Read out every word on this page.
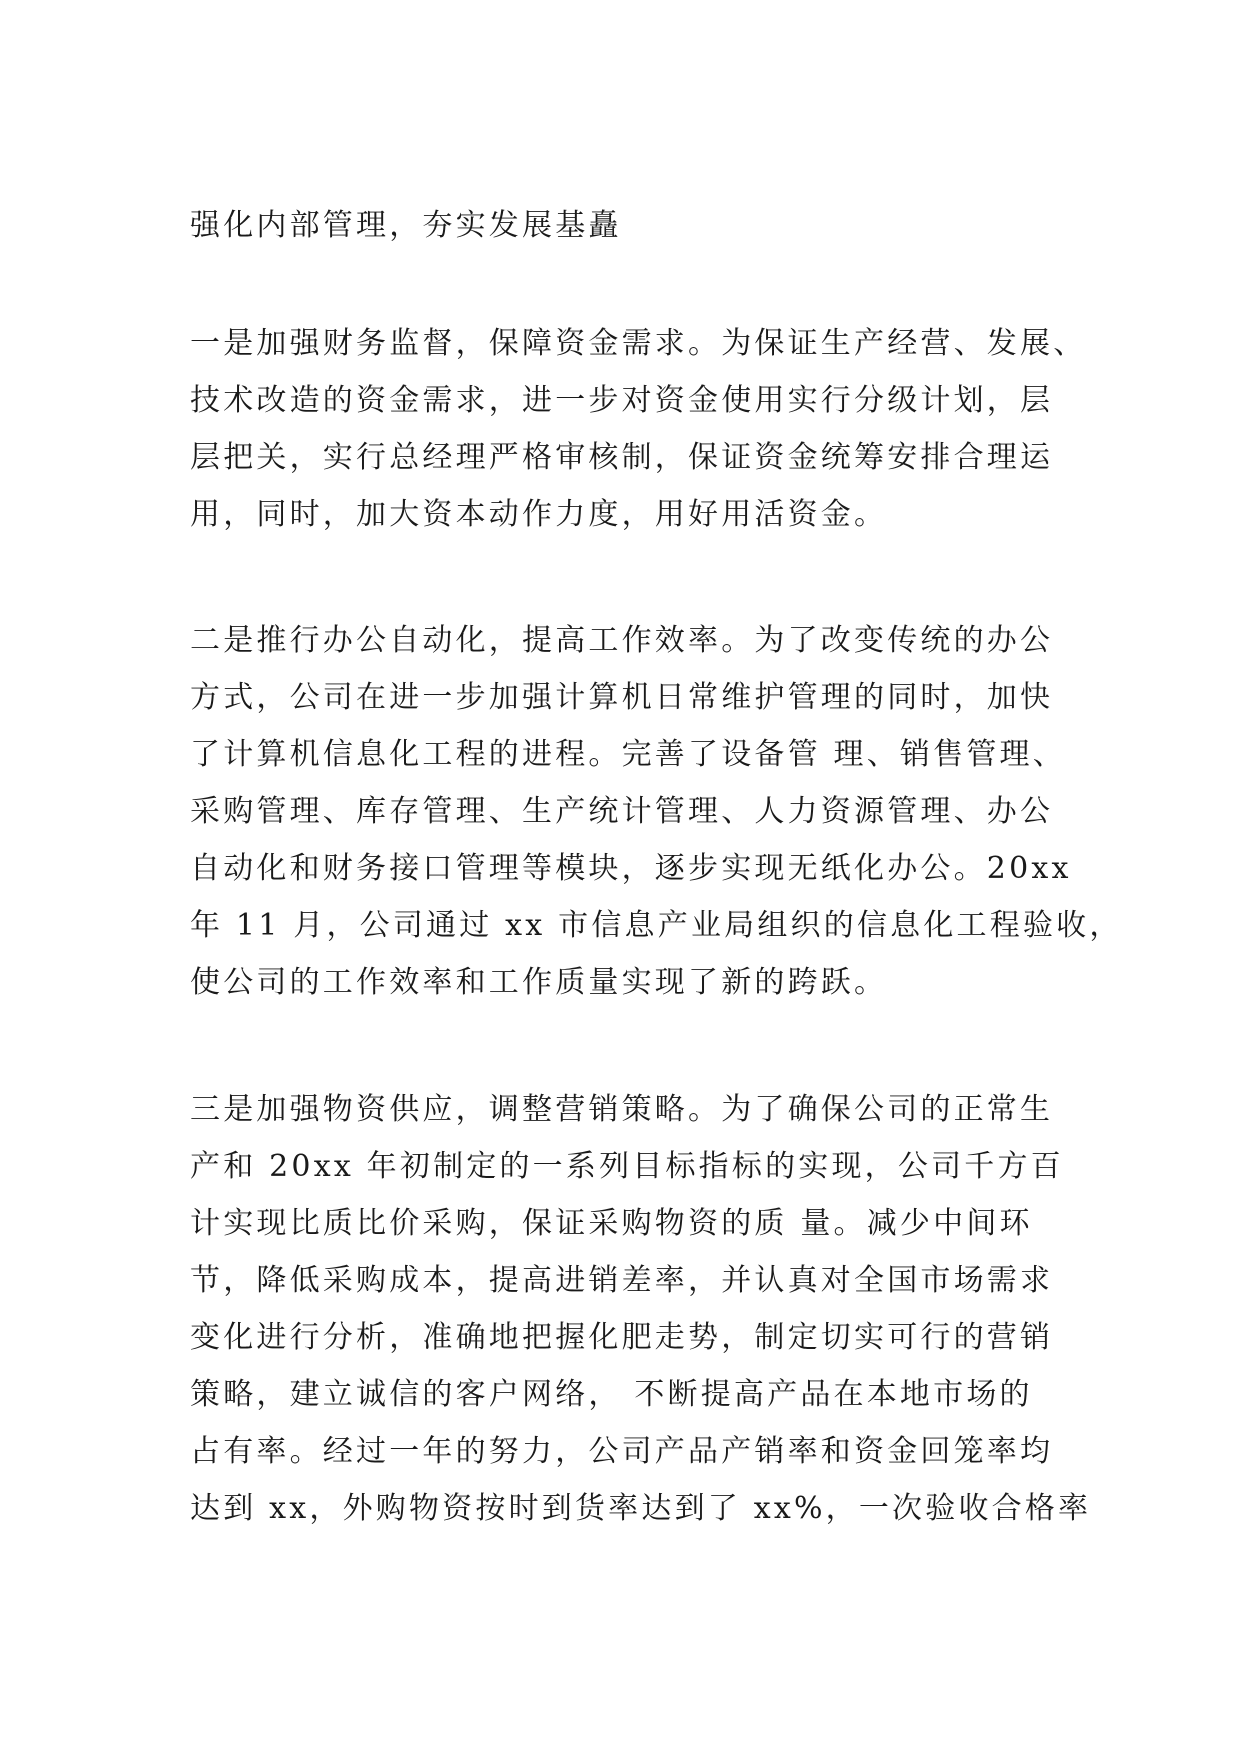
强化内部管理，夯实发展基矗

一是加强财务监督，保障资金需求。为保证生产经营、发展、

技术改造的资金需求，进一步对资金使用实行分级计划，层

层把关，实行总经理严格审核制，保证资金统筹安排合理运

用，同时，加大资本动作力度，用好用活资金。

二是推行办公自动化，提高工作效率。为了改变传统的办公

方式，公司在进一步加强计算机日常维护管理的同时，加快

了计算机信息化工程的进程。完善了设备管 理、销售管理、

采购管理、库存管理、生产统计管理、人力资源管理、办公

自动化和财务接口管理等模块，逐步实现无纸化办公。20xx

年 11 月，公司通过 xx 市信息产业局组织的信息化工程验收，

使公司的工作效率和工作质量实现了新的跨跃。

三是加强物资供应，调整营销策略。为了确保公司的正常生

产和 20xx 年初制定的一系列目标指标的实现，公司千方百

计实现比质比价采购，保证采购物资的质 量。减少中间环

节，降低采购成本，提高进销差率，并认真对全国市场需求

变化进行分析，准确地把握化肥走势，制定切实可行的营销

策略，建立诚信的客户网络， 不断提高产品在本地市场的

占有率。经过一年的努力，公司产品产销率和资金回笼率均

达到 xx，外购物资按时到货率达到了 xx%，一次验收合格率
